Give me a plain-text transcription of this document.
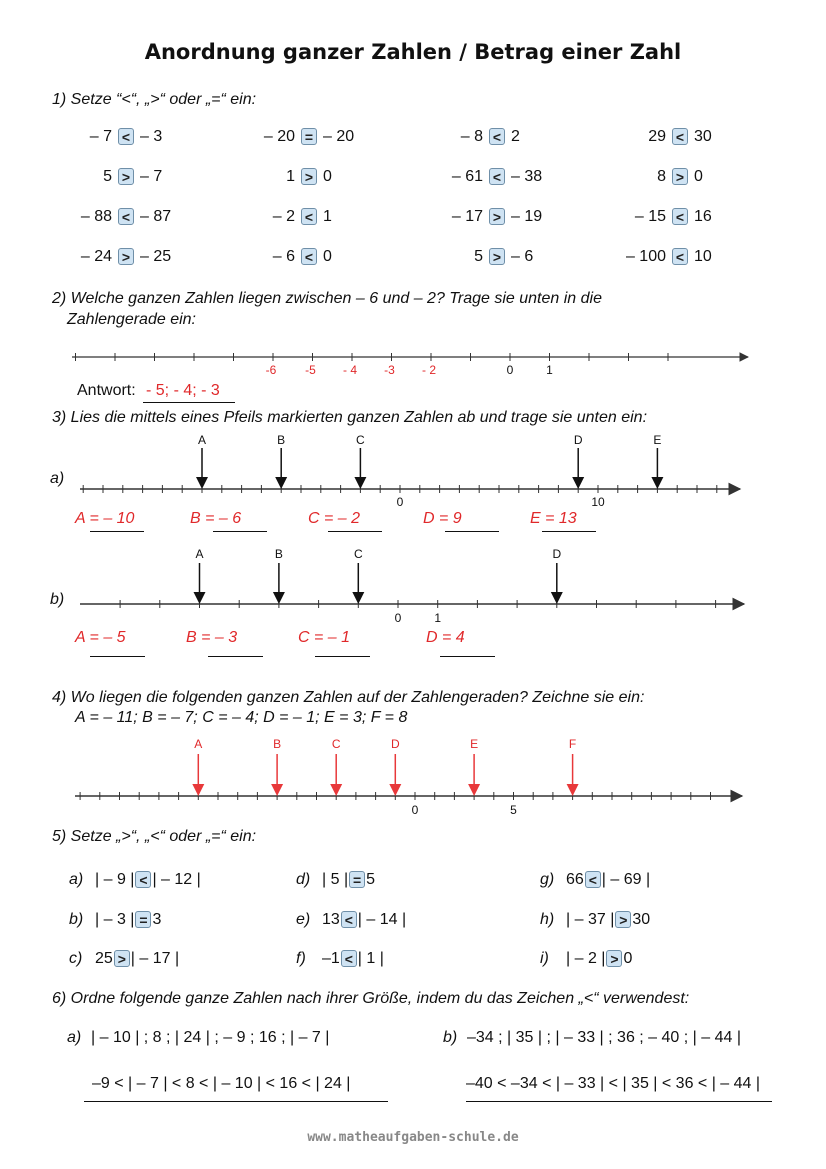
Anordnung ganzer Zahlen / Betrag einer Zahl
1) Setze “<“, „>“ oder „=“ ein:
– 7 < – 3	– 20 = – 20	– 8 < 2	29 < 30
5 > – 7	1 > 0	– 61 < – 38	8 > 0
– 88 < – 87	– 2 < 1	– 17 > – 19	– 15 < 16
– 24 > – 25	– 6 < 0	5 > – 6	– 100 < 10
2) Welche ganzen Zahlen liegen zwischen – 6 und – 2? Trage sie unten in die
Zahlengerade ein:
-6 -5 - 4 -3 - 2	0	1
Antwort: - 5; - 4; - 3
3) Lies die mittels eines Pfeils markierten ganzen Zahlen ab und trage sie unten ein:
a)
b)
A	B	C	D	E
0	10
A	B	C	D
0	1
4) Wo liegen die folgenden ganzen Zahlen auf der Zahlengeraden? Zeichne sie ein:
A = – 11; B = – 7; C = – 4; D = – 1; E = 3; F = 8
A	B	C	D	E	F
0	5
5) Setze „>“, „<“ oder „=“ ein:
a) | – 9 | < | – 12 |	d) | 5 | = 5	g) 66 < | – 69 |
b) | – 3 | = 3	e) 13 < | – 14 |	h) | – 37 | > 30
c) 25 > | – 17 |	f) –1 < | 1 |	i) | – 2 | > 0
6) Ordne folgende ganze Zahlen nach ihrer Größe, indem du das Zeichen „<“ verwendest:
a) | – 10 | ; 8 ; | 24 | ; – 9 ; 16 ; | – 7 |	b) –34 ; | 35 | ; | – 33 | ; 36 ; – 40 ; | – 44 |
–9 < | – 7 | < 8 < | – 10 | < 16 < | 24 |	–40 < –34 < | – 33 | < | 35 | < 36 < | – 44 |
www.matheaufgaben-schule.de
A = – 10	B = – 6	C = – 2	D = 9	E = 13
A = – 5	B = – 3	C = – 1	D = 4
